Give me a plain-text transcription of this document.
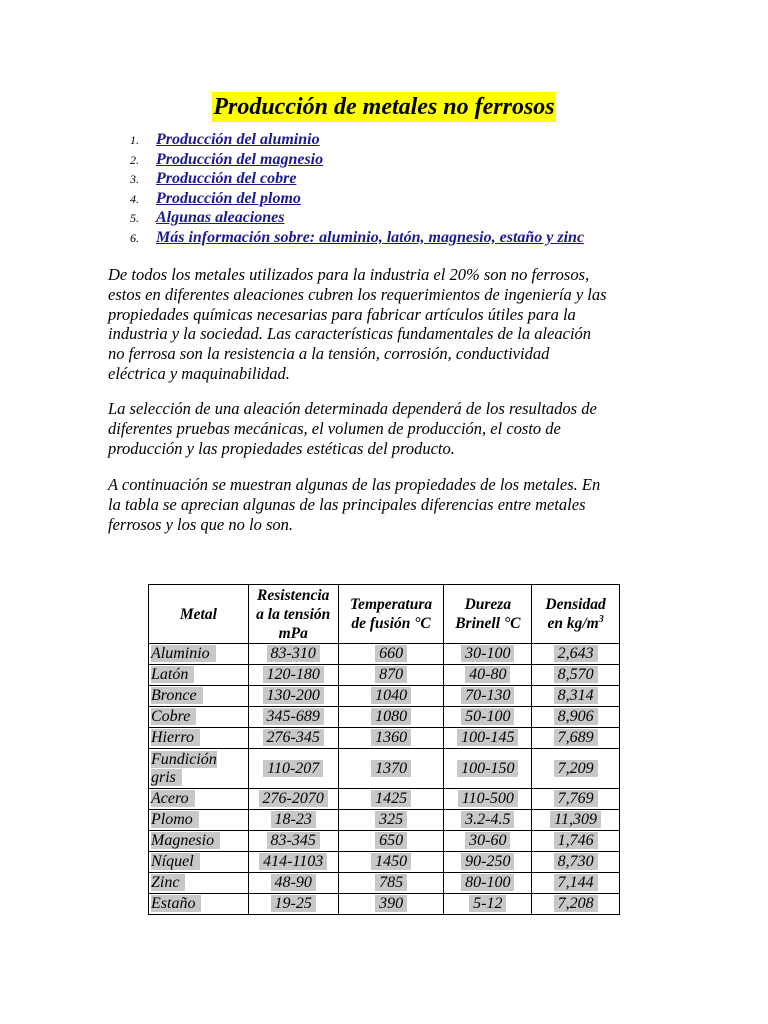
Producción de metales no ferrosos
1. Producción del aluminio
2. Producción del magnesio
3. Producción del cobre
4. Producción del plomo
5. Algunas aleaciones
6. Más información sobre: aluminio, latón, magnesio, estaño y zinc

De todos los metales utilizados para la industria el 20% son no ferrosos,
estos en diferentes aleaciones cubren los requerimientos de ingeniería y las
propiedades químicas necesarias para fabricar artículos útiles para la
industria y la sociedad. Las características fundamentales de la aleación
no ferrosa son la resistencia a la tensión, corrosión, conductividad
eléctrica y maquinabilidad.

La selección de una aleación determinada dependerá de los resultados de
diferentes pruebas mecánicas, el volumen de producción, el costo de
producción y las propiedades estéticas del producto.

A continuación se muestran algunas de las propiedades de los metales. En
la tabla se aprecian algunas de las principales diferencias entre metales
ferrosos y los que no lo son.

Metal	Resistencia
a la tensión
mPa	Temperatura
de fusión °C	Dureza
Brinell °C	Densidad
en $kg/m^3$
Aluminio	83-310	660	30-100	2,643
Latón	120-180	870	40-80	8,570
Bronce	130-200	1040	70-130	8,314
Cobre	345-689	1080	50-100	8,906
Hierro	276-345	1360	100-145	7,689
Fundición gris	110-207	1370	100-150	7,209
Acero	276-2070	1425	110-500	7,769
Plomo	18-23	325	3.2-4.5	11,309
Magnesio	83-345	650	30-60	1,746
Níquel	414-1103	1450	90-250	8,730
Zinc	48-90	785	80-100	7,144
Estaño	19-25	390	5-12	7,208
